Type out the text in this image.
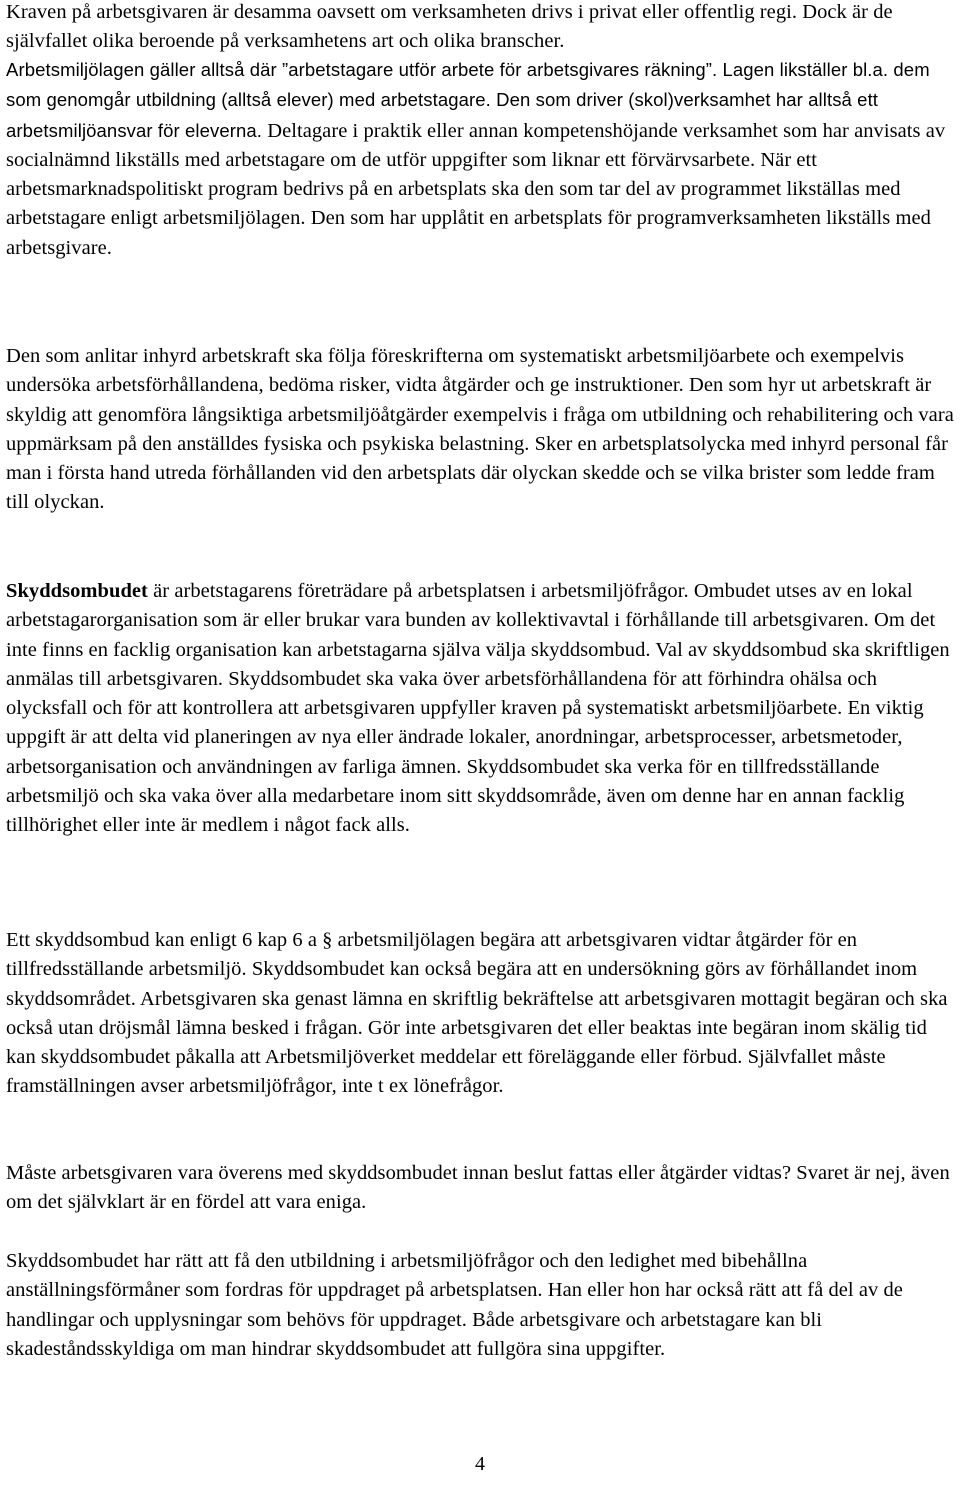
Kraven på arbetsgivaren är desamma oavsett om verksamheten drivs i privat eller offentlig regi. Dock är de självfallet olika beroende på verksamhetens art och olika branscher.

Arbetsmiljölagen gäller alltså där ”arbetstagare utför arbete för arbetsgivares räkning”. Lagen likställer bl.a. dem som genomgår utbildning (alltså elever) med arbetstagare. Den som driver (skol)verksamhet har alltså ett arbetsmiljöansvar för eleverna. Deltagare i praktik eller annan kompetenshöjande verksamhet som har anvisats av socialnämnd likställs med arbetstagare om de utför uppgifter som liknar ett förvärvsarbete. När ett arbetsmarknadspolitiskt program bedrivs på en arbetsplats ska den som tar del av programmet likställas med arbetstagare enligt arbetsmiljölagen. Den som har upplåtit en arbetsplats för programverksamheten likställs med arbetsgivare.

Den som anlitar inhyrd arbetskraft ska följa föreskrifterna om systematiskt arbetsmiljöarbete och exempelvis undersöka arbetsförhållandena, bedöma risker, vidta åtgärder och ge instruktioner. Den som hyr ut arbetskraft är skyldig att genomföra långsiktiga arbetsmiljöåtgärder exempelvis i fråga om utbildning och rehabilitering och vara uppmärksam på den anställdes fysiska och psykiska belastning. Sker en arbetsplatsolycka med inhyrd personal får man i första hand utreda förhållanden vid den arbetsplats där olyckan skedde och se vilka brister som ledde fram till olyckan.

Skyddsombudet är arbetstagarens företrädare på arbetsplatsen i arbetsmiljöfrågor. Ombudet utses av en lokal arbetstagarorganisation som är eller brukar vara bunden av kollektivavtal i förhållande till arbetsgivaren. Om det inte finns en facklig organisation kan arbetstagarna själva välja skyddsombud. Val av skyddsombud ska skriftligen anmälas till arbetsgivaren. Skyddsombudet ska vaka över arbetsförhållandena för att förhindra ohälsa och olycksfall och för att kontrollera att arbetsgivaren uppfyller kraven på systematiskt arbetsmiljöarbete. En viktig uppgift är att delta vid planeringen av nya eller ändrade lokaler, anordningar, arbetsprocesser, arbetsmetoder, arbetsorganisation och användningen av farliga ämnen. Skyddsombudet ska verka för en tillfredsställande arbetsmiljö och ska vaka över alla medarbetare inom sitt skyddsområde, även om denne har en annan facklig tillhörighet eller inte är medlem i något fack alls.

Ett skyddsombud kan enligt 6 kap 6 a § arbetsmiljölagen begära att arbetsgivaren vidtar åtgärder för en tillfredsställande arbetsmiljö. Skyddsombudet kan också begära att en undersökning görs av förhållandet inom skyddsområdet. Arbetsgivaren ska genast lämna en skriftlig bekräftelse att arbetsgivaren mottagit begäran och ska också utan dröjsmål lämna besked i frågan. Gör inte arbetsgivaren det eller beaktas inte begäran inom skälig tid kan skyddsombudet påkalla att Arbetsmiljöverket meddelar ett föreläggande eller förbud. Självfallet måste framställningen avser arbetsmiljöfrågor, inte t ex lönefrågor.

Måste arbetsgivaren vara överens med skyddsombudet innan beslut fattas eller åtgärder vidtas? Svaret är nej, även om det självklart är en fördel att vara eniga.

Skyddsombudet har rätt att få den utbildning i arbetsmiljöfrågor och den ledighet med bibehållna anställningsförmåner som fordras för uppdraget på arbetsplatsen. Han eller hon har också rätt att få del av de handlingar och upplysningar som behövs för uppdraget. Både arbetsgivare och arbetstagare kan bli skadeståndsskyldiga om man hindrar skyddsombudet att fullgöra sina uppgifter.

4
